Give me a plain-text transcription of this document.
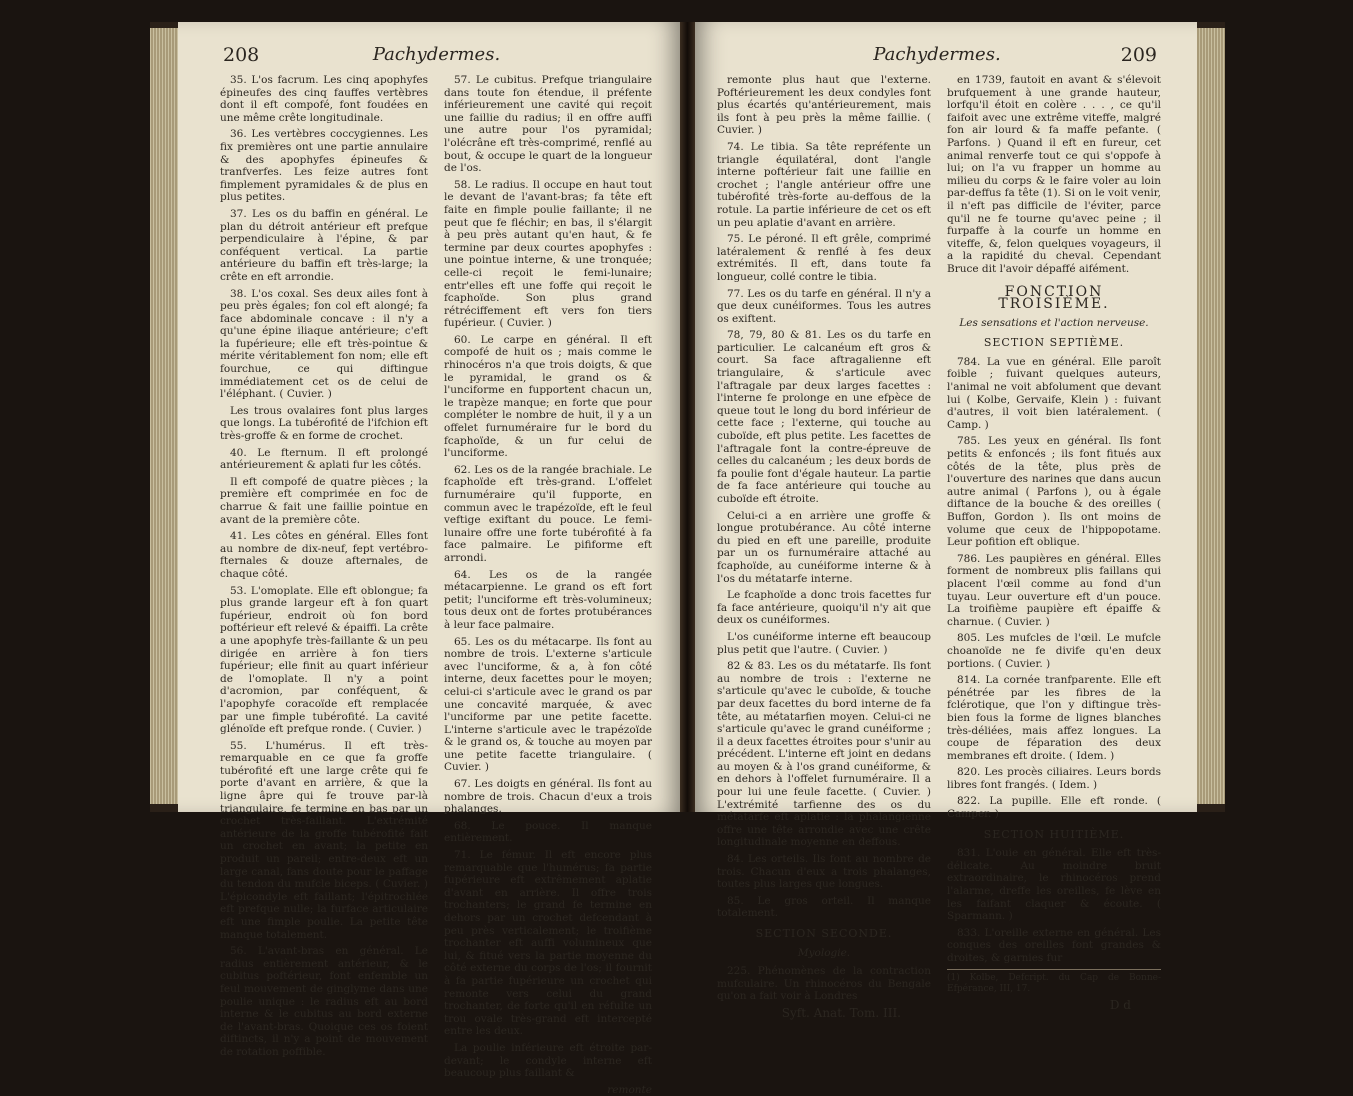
208	Pachydermes.

35. L'os facrum. Les cinq apophyfes épineufes des cinq fauffes vertèbres dont il eft compofé, font foudées en une même crête longitudinale.

36. Les vertèbres coccygiennes. Les fix premières ont une partie annulaire & des apophyfes épineufes & tranfverfes. Les feize autres font fimplement pyramidales & de plus en plus petites.

37. Les os du baffin en général. Le plan du détroit antérieur eft prefque perpendiculaire à l'épine, & par conféquent vertical. La partie antérieure du baffin eft très-large; la crête en eft arrondie.

38. L'os coxal. Ses deux ailes font à peu près égales; fon col eft alongé; fa face abdominale concave : il n'y a qu'une épine iliaque antérieure; c'eft la fupérieure; elle eft très-pointue & mérite véritablement fon nom; elle eft fourchue, ce qui diftingue immédiatement cet os de celui de l'éléphant. ( Cuvier. )

Les trous ovalaires font plus larges que longs. La tubérofité de l'ifchion eft très-groffe & en forme de crochet.

40. Le fternum. Il eft prolongé antérieurement & aplati fur les côtés.

Il eft compofé de quatre pièces ; la première eft comprimée en foc de charrue & fait une faillie pointue en avant de la première côte.

41. Les côtes en général. Elles font au nombre de dix-neuf, fept vertébro-fternales & douze afternales, de chaque côté.

53. L'omoplate. Elle eft oblongue; fa plus grande largeur eft à fon quart fupérieur, endroit où fon bord poftérieur eft relevé & épaiffi. La crête a une apophyfe très-faillante & un peu dirigée en arrière à fon tiers fupérieur; elle finit au quart inférieur de l'omoplate. Il n'y a point d'acromion, par conféquent, & l'apophyfe coracoïde eft remplacée par une fimple tubérofité. La cavité glénoïde eft prefque ronde. ( Cuvier. )

55. L'humérus. Il eft très-remarquable en ce que fa groffe tubérofité eft une large crête qui fe porte d'avant en arrière, & que la ligne âpre qui fe trouve par-là triangulaire, fe termine en bas par un crochet très-faillant. L'extrémité antérieure de la groffe tubérofité fait un crochet en avant; la petite en produit un pareil; entre-deux eft un large canal, fans doute pour le paffage du tendon du mufcle biceps. ( Cuvier. ) L'épicondyle eft faillant; l'épitrochlée eft prefque nulle; la furface articulaire eft une fimple poulie. La petite tête manque totalement.

56. L'avant-bras en général. Le radius entièrement antérieur, & le cubitus poftérieur, font enfemble un feul mouvement de ginglyme dans une poulie unique : le radius eft au bord interne & le cubitus au bord externe de l'avant-bras. Quoique ces os foient diftincts, il n'y a point de mouvement de rotation poffible.

57. Le cubitus. Prefque triangulaire dans toute fon étendue, il préfente inférieurement une cavité qui reçoit une faillie du radius; il en offre auffi une autre pour l'os pyramidal; l'olécrâne eft très-comprimé, renflé au bout, & occupe le quart de la longueur de l'os.

58. Le radius. Il occupe en haut tout le devant de l'avant-bras; fa tête eft faite en fimple poulie faillante; il ne peut que fe fléchir; en bas, il s'élargit à peu près autant qu'en haut, & fe termine par deux courtes apophyfes : une pointue interne, & une tronquée; celle-ci reçoit le femi-lunaire; entr'elles eft une foffe qui reçoit le fcaphoïde. Son plus grand rétréciffement eft vers fon tiers fupérieur. ( Cuvier. )

60. Le carpe en général. Il eft compofé de huit os ; mais comme le rhinocéros n'a que trois doigts, & que le pyramidal, le grand os & l'unciforme en fupportent chacun un, le trapèze manque; en forte que pour compléter le nombre de huit, il y a un offelet furnuméraire fur le bord du fcaphoïde, & un fur celui de l'unciforme.

62. Les os de la rangée brachiale. Le fcaphoïde eft très-grand. L'offelet furnuméraire qu'il fupporte, en commun avec le trapézoïde, eft le feul veftige exiftant du pouce. Le femi-lunaire offre une forte tubérofité à fa face palmaire. Le pififorme eft arrondi.

64. Les os de la rangée métacarpienne. Le grand os eft fort petit; l'unciforme eft très-volumineux; tous deux ont de fortes protubérances à leur face palmaire.

65. Les os du métacarpe. Ils font au nombre de trois. L'externe s'articule avec l'unciforme, & a, à fon côté interne, deux facettes pour le moyen; celui-ci s'articule avec le grand os par une concavité marquée, & avec l'unciforme par une petite facette. L'interne s'articule avec le trapézoïde & le grand os, & touche au moyen par une petite facette triangulaire. ( Cuvier. )

67. Les doigts en général. Ils font au nombre de trois. Chacun d'eux a trois phalanges.

68. Le pouce. Il manque entièrement.

71. Le fémur. Il eft encore plus remarquable que l'humérus; fa partie fupérieure eft extrêmement aplatie d'avant en arrière. Il offre trois trochanters; le grand fe termine en dehors par un crochet defcendant à peu près verticalement; le troifième trochanter eft auffi volumineux que lui, & fitué vers la partie moyenne du côté externe du corps de l'os; il fournit à fa partie fupérieure un crochet qui remonte vers celui du grand trochanter, de forte qu'il en réfulte un trou ovale très-grand eft intercepté entre les deux.

La poulie inférieure eft étroite par-devant; le condyle interne eft beaucoup plus faillant &

remonte

Pachydermes.	209

remonte plus haut que l'externe. Poftérieurement les deux condyles font plus écartés qu'antérieurement, mais ils font à peu près la même faillie. ( Cuvier. )

74. Le tibia. Sa tête repréfente un triangle équilatéral, dont l'angle interne poftérieur fait une faillie en crochet ; l'angle antérieur offre une tubérofité très-forte au-deffous de la rotule. La partie inférieure de cet os eft un peu aplatie d'avant en arrière.

75. Le péroné. Il eft grêle, comprimé latéralement & renflé à fes deux extrémités. Il eft, dans toute fa longueur, collé contre le tibia.

77. Les os du tarfe en général. Il n'y a que deux cunéiformes. Tous les autres os exiftent.

78, 79, 80 & 81. Les os du tarfe en particulier. Le calcanéum eft gros & court. Sa face aftragalienne eft triangulaire, & s'articule avec l'aftragale par deux larges facettes : l'interne fe prolonge en une efpèce de queue tout le long du bord inférieur de cette face ; l'externe, qui touche au cuboïde, eft plus petite. Les facettes de l'aftragale font la contre-épreuve de celles du calcanéum ; les deux bords de fa poulie font d'égale hauteur. La partie de fa face antérieure qui touche au cuboïde eft étroite.

Celui-ci a en arrière une groffe & longue protubérance. Au côté interne du pied en eft une pareille, produite par un os furnuméraire attaché au fcaphoïde, au cunéiforme interne & à l'os du métatarfe interne.

Le fcaphoïde a donc trois facettes fur fa face antérieure, quoiqu'il n'y ait que deux os cunéiformes.

L'os cunéiforme interne eft beaucoup plus petit que l'autre. ( Cuvier. )

82 & 83. Les os du métatarfe. Ils font au nombre de trois : l'externe ne s'articule qu'avec le cuboïde, & touche par deux facettes du bord interne de fa tête, au métatarfien moyen. Celui-ci ne s'articule qu'avec le grand cunéiforme ; il a deux facettes étroites pour s'unir au précédent. L'interne eft joint en dedans au moyen & à l'os grand cunéiforme, & en dehors à l'offelet furnuméraire. Il a pour lui une feule facette. ( Cuvier. ) L'extrémité tarfienne des os du métatarfe eft aplatie : la phalangienne offre une tête arrondie avec une crête longitudinale moyenne en deffous.

84. Les orteils. Ils font au nombre de trois. Chacun d'eux a trois phalanges, toutes plus larges que longues.

85. Le gros orteil. Il manque totalement.

SECTION SECONDE.

Myologie.

225. Phénomènes de la contraction mufculaire. Un rhinocéros du Bengale qu'on a fait voir à Londres

Syft. Anat. Tom. III.

en 1739, fautoit en avant & s'élevoit brufquement à une grande hauteur, lorfqu'il étoit en colère . . . , ce qu'il faifoit avec une extrême viteffe, malgré fon air lourd & fa maffe pefante. ( Parfons. ) Quand il eft en fureur, cet animal renverfe tout ce qui s'oppofe à lui; on l'a vu frapper un homme au milieu du corps & le faire voler au loin par-deffus fa tête (1). Si on le voit venir, il n'eft pas difficile de l'éviter, parce qu'il ne fe tourne qu'avec peine ; il furpaffe à la courfe un homme en viteffe, &, felon quelques voyageurs, il a la rapidité du cheval. Cependant Bruce dit l'avoir dépaffé aifément.

FONCTION TROISIÈME.

Les sensations et l'action nerveuse.

SECTION SEPTIÈME.

784. La vue en général. Elle paroît foible ; fuivant quelques auteurs, l'animal ne voit abfolument que devant lui ( Kolbe, Gervaife, Klein ) : fuivant d'autres, il voit bien latéralement. ( Camp. )

785. Les yeux en général. Ils font petits & enfoncés ; ils font fitués aux côtés de la tête, plus près de l'ouverture des narines que dans aucun autre animal ( Parfons ), ou à égale diftance de la bouche & des oreilles ( Buffon, Gordon ). Ils ont moins de volume que ceux de l'hippopotame. Leur pofition eft oblique.

786. Les paupières en général. Elles forment de nombreux plis faillans qui placent l'œil comme au fond d'un tuyau. Leur ouverture eft d'un pouce. La troifième paupière eft épaiffe & charnue. ( Cuvier. )

805. Les mufcles de l'œil. Le mufcle choanoïde ne fe divife qu'en deux portions. ( Cuvier. )

814. La cornée tranfparente. Elle eft pénétrée par les fibres de la fclérotique, que l'on y diftingue très-bien fous la forme de lignes blanches très-déliées, mais affez longues. La coupe de féparation des deux membranes eft droite. ( Idem. )

820. Les procès ciliaires. Leurs bords libres font frangés. ( Idem. )

822. La pupille. Elle eft ronde. ( Camper. )

SECTION HUITIÈME.

831. L'ouie en général. Elle eft très-délicate. Au moindre bruit extraordinaire, le rhinocéros prend l'alarme, dreffe les oreilles, fe lève en les faifant claquer & écoute. ( Sparmann. )

833. L'oreille externe en général. Les conques des oreilles font grandes & droites, & garnies fur

(1) Kolbe, Defcript. du Cap de Bonne-Efpérance, III, 17.

D d
